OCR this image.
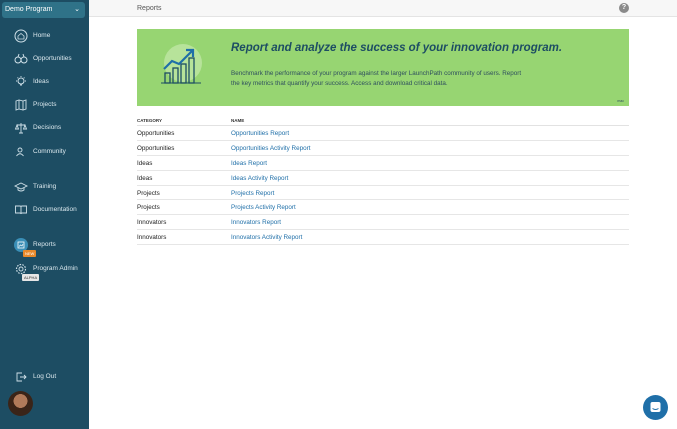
Demo Program	⌄
Home
Opportunities
Ideas
Projects
Decisions
Community
Training
Documentation
Reports
NEW
Program Admin
ALPHA
Log Out
Reports	?
Report and analyze the success of your innovation program.
Benchmark the performance of your program against the larger LaunchPath community of users. Report the key metrics that quantify your success. Access and download critical data.
mac
CATEGORY	NAME
Opportunities	Opportunities Report
Opportunities	Opportunities Activity Report
Ideas	Ideas Report
Ideas	Ideas Activity Report
Projects	Projects Report
Projects	Projects Activity Report
Innovators	Innovators Report
Innovators	Innovators Activity Report
